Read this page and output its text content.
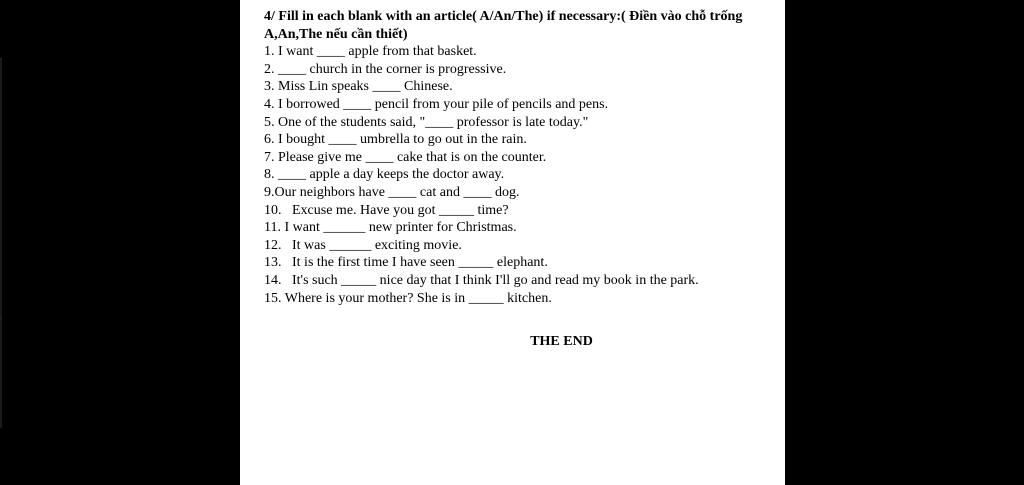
4/ Fill in each blank with an article( A/An/The) if necessary:( Điền vào chỗ trống

A,An,The nếu cần thiết)

1. I want ____ apple from that basket.

2. ____ church in the corner is progressive.

3. Miss Lin speaks ____ Chinese.

4. I borrowed ____ pencil from your pile of pencils and pens.

5. One of the students said, "____ professor is late today."

6. I bought ____ umbrella to go out in the rain.

7. Please give me ____ cake that is on the counter.

8. ____ apple a day keeps the doctor away.

9.Our neighbors have ____ cat and ____ dog.

10.   Excuse me. Have you got _____ time?

11. I want ______ new printer for Christmas.

12.   It was ______ exciting movie.

13.   It is the first time I have seen _____ elephant.

14.   It's such _____ nice day that I think I'll go and read my book in the park.

15. Where is your mother? She is in _____ kitchen.

THE END
